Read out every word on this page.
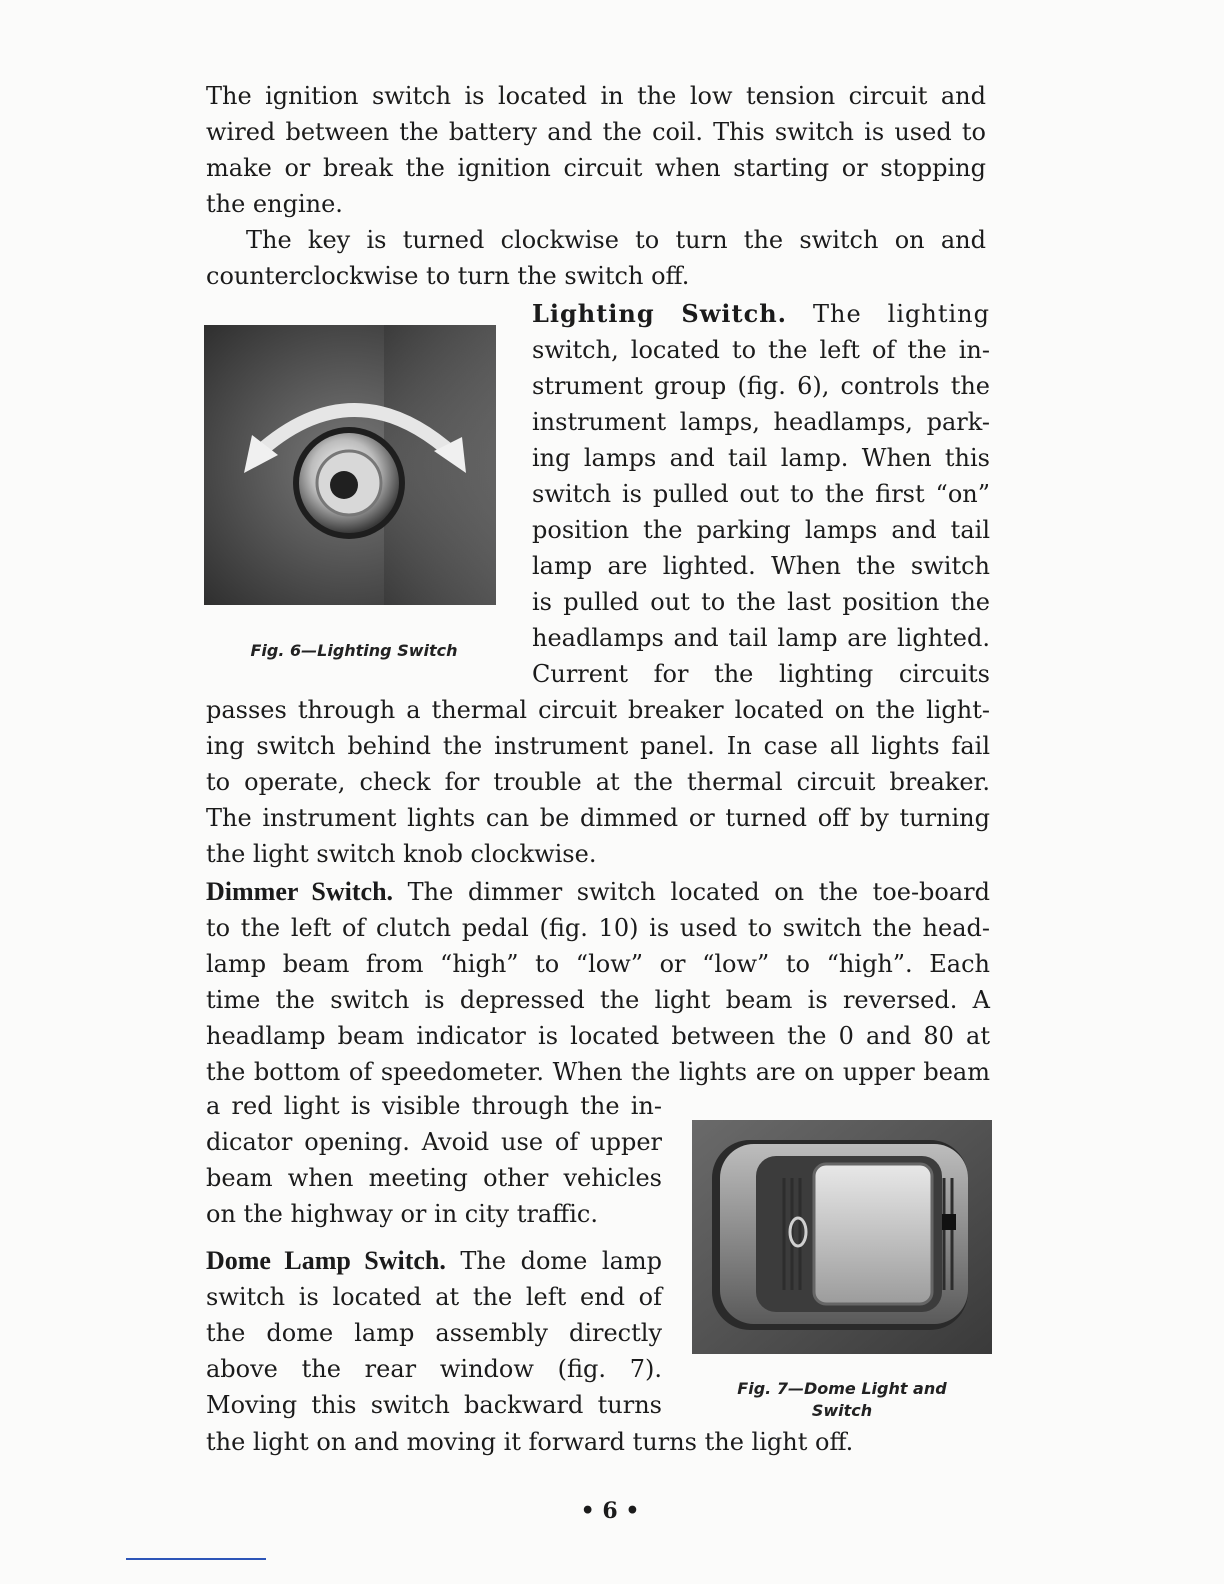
The ignition switch is located in the low tension circuit and
wired between the battery and the coil. This switch is used to
make or break the ignition circuit when starting or stopping
the engine.
The key is turned clockwise to turn the switch on and
counterclockwise to turn the switch off.
Fig. 6—Lighting Switch
Lighting Switch. The lighting
switch, located to the left of the in-
strument group (fig. 6), controls the
instrument lamps, headlamps, park-
ing lamps and tail lamp. When this
switch is pulled out to the first “on”
position the parking lamps and tail
lamp are lighted. When the switch
is pulled out to the last position the
headlamps and tail lamp are lighted.
Current for the lighting circuits
passes through a thermal circuit breaker located on the light-
ing switch behind the instrument panel. In case all lights fail
to operate, check for trouble at the thermal circuit breaker.
The instrument lights can be dimmed or turned off by turning
the light switch knob clockwise.
Dimmer Switch. The dimmer switch located on the toe-board
to the left of clutch pedal (fig. 10) is used to switch the head-
lamp beam from “high” to “low” or “low” to “high”. Each
time the switch is depressed the light beam is reversed. A
headlamp beam indicator is located between the 0 and 80 at
the bottom of speedometer. When the lights are on upper beam
a red light is visible through the in-
dicator opening. Avoid use of upper
beam when meeting other vehicles
on the highway or in city traffic.
Dome Lamp Switch. The dome lamp
switch is located at the left end of
the dome lamp assembly directly
above the rear window (fig. 7).
Moving this switch backward turns
the light on and moving it forward turns the light off.
Fig. 7—Dome Light and
Switch
• 6 •
